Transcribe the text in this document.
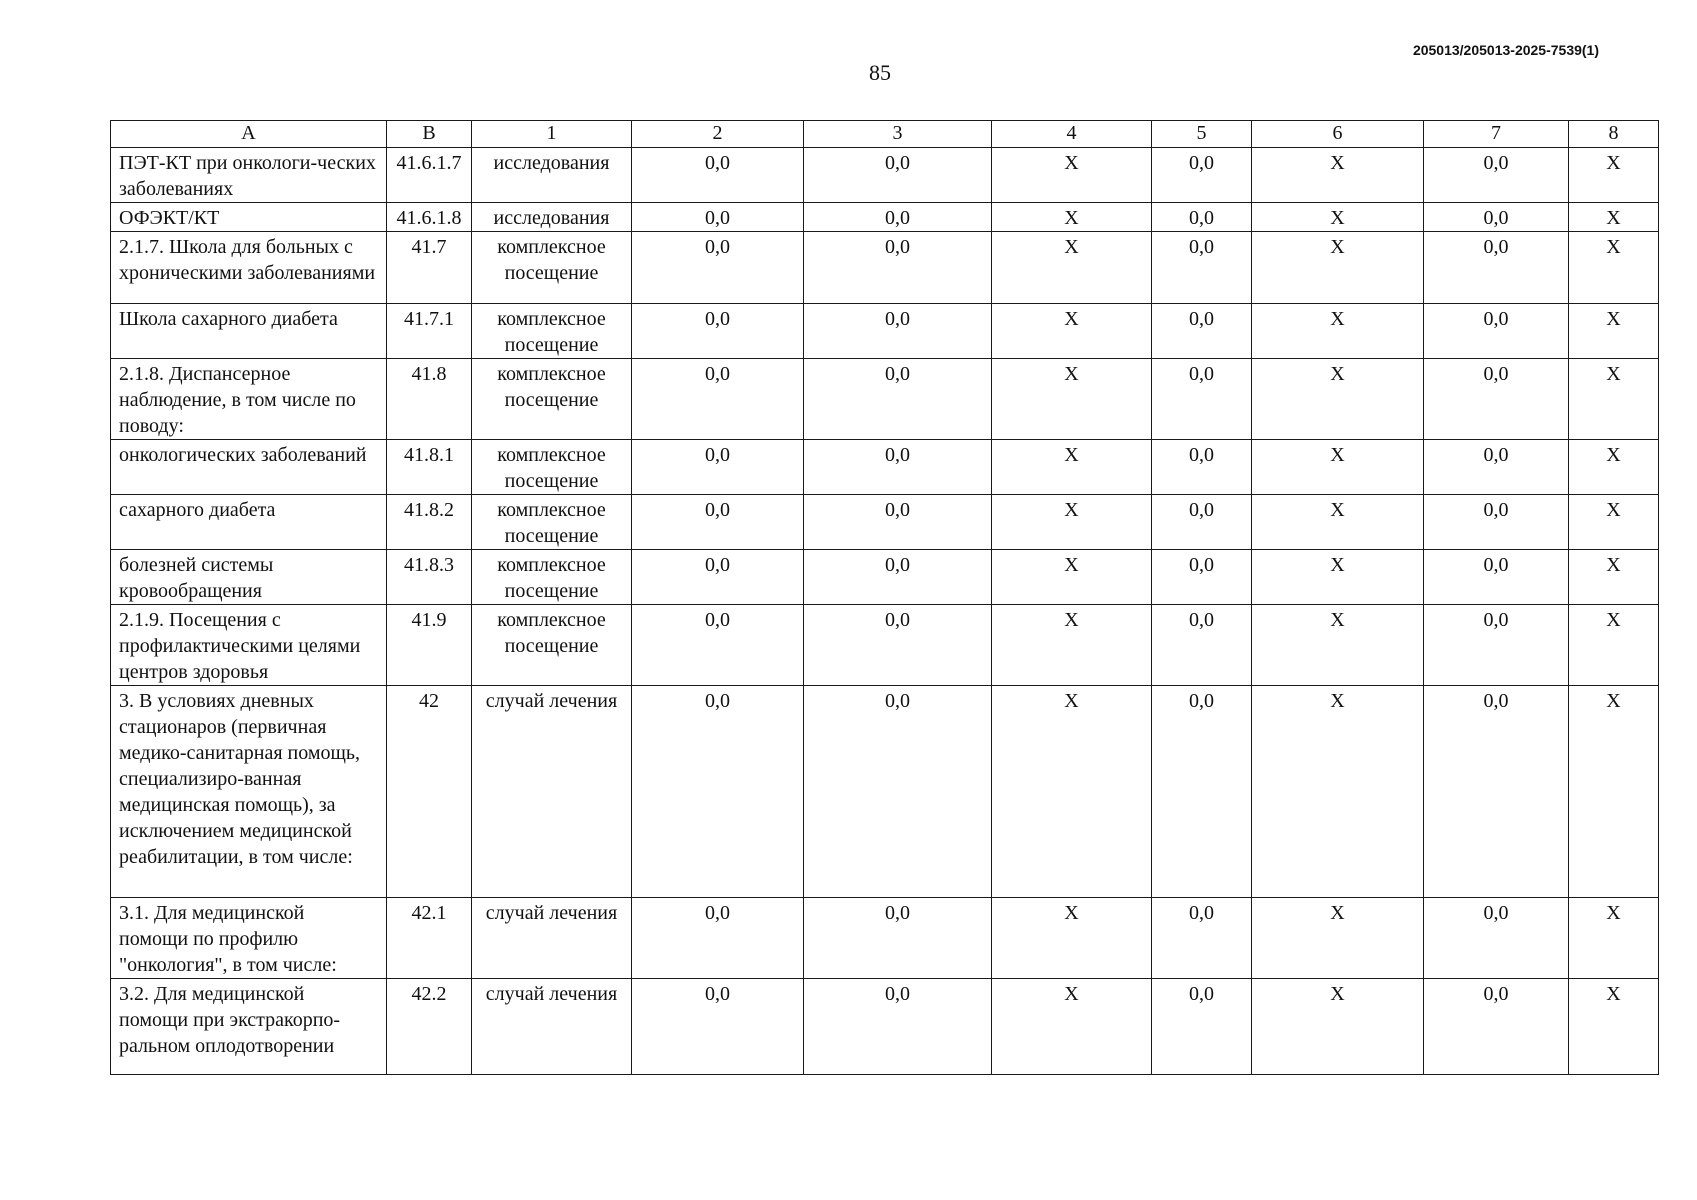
85
205013/205013-2025-7539(1)
А	В	1	2	3	4	5	6	7	8
ПЭТ-КТ при онкологи-ческих заболеваниях	41.6.1.7	исследования	0,0	0,0	Х	0,0	Х	0,0	Х
ОФЭКТ/КТ	41.6.1.8	исследования	0,0	0,0	Х	0,0	Х	0,0	Х
2.1.7. Школа для больных с хроническими заболеваниями	41.7	комплексное посещение	0,0	0,0	Х	0,0	Х	0,0	Х
Школа сахарного диабета	41.7.1	комплексное посещение	0,0	0,0	Х	0,0	Х	0,0	Х
2.1.8. Диспансерное наблюдение, в том числе по поводу:	41.8	комплексное посещение	0,0	0,0	Х	0,0	Х	0,0	Х
онкологических заболеваний	41.8.1	комплексное посещение	0,0	0,0	Х	0,0	Х	0,0	Х
сахарного диабета	41.8.2	комплексное посещение	0,0	0,0	Х	0,0	Х	0,0	Х
болезней системы кровообращения	41.8.3	комплексное посещение	0,0	0,0	Х	0,0	Х	0,0	Х
2.1.9. Посещения с профилактическими целями центров здоровья	41.9	комплексное посещение	0,0	0,0	Х	0,0	Х	0,0	Х
3. В условиях дневных стационаров (первичная медико-санитарная помощь, специализиро-ванная медицинская помощь), за исключением медицинской реабилитации, в том числе:	42	случай лечения	0,0	0,0	Х	0,0	Х	0,0	Х
3.1. Для медицинской помощи по профилю "онкология", в том числе:	42.1	случай лечения	0,0	0,0	Х	0,0	Х	0,0	Х
3.2. Для медицинской помощи при экстракорпо-ральном оплодотворении	42.2	случай лечения	0,0	0,0	Х	0,0	Х	0,0	Х
